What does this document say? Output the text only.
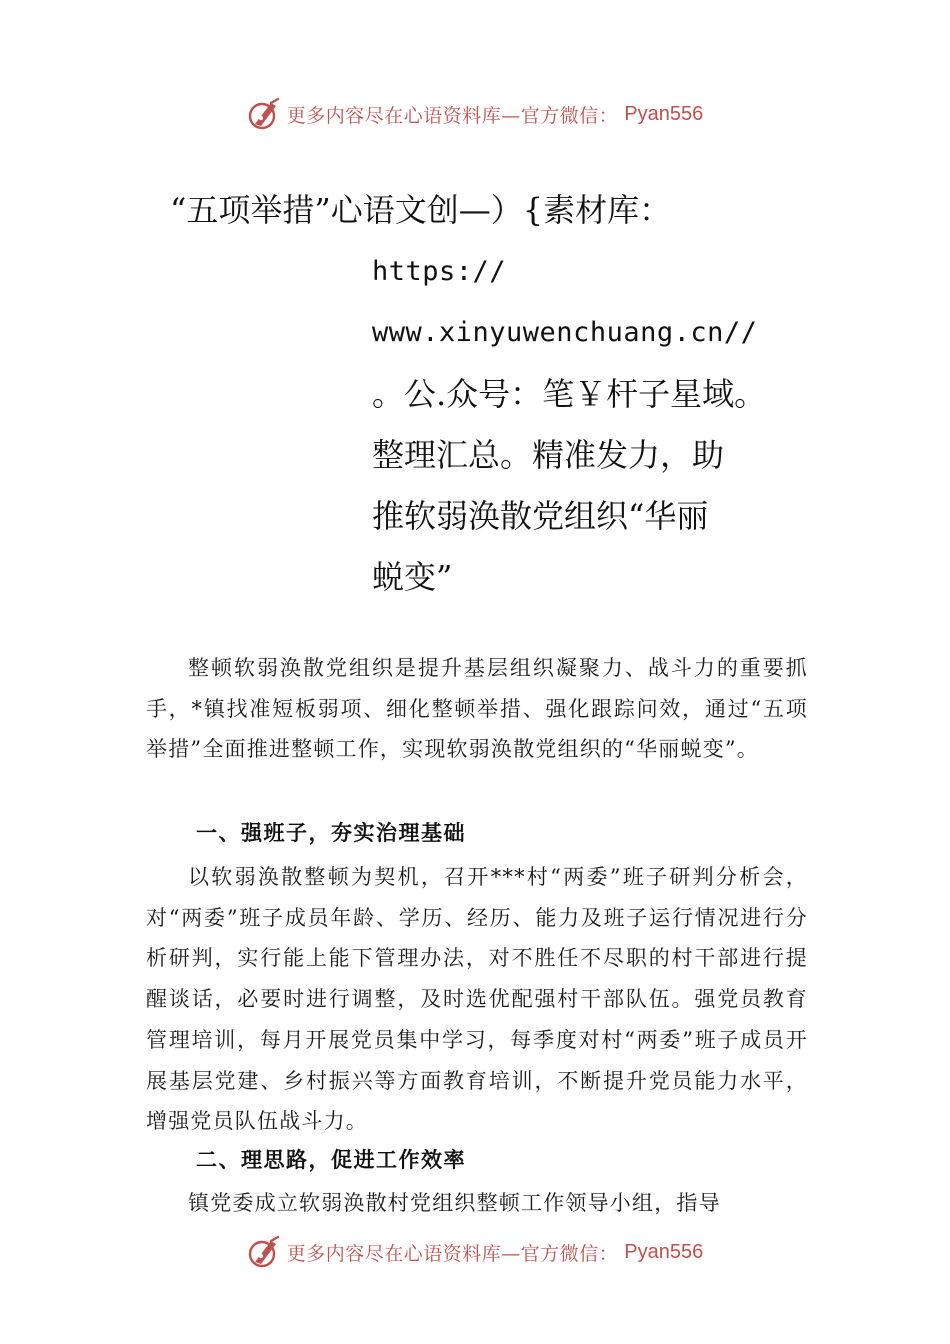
更多内容尽在心语资料库—官方微信： Pyan556
“五项举措”心语文创—）{素材库：
https://
www.xinyuwenchuang.cn//
。公.众号：笔￥杆子星域。
整理汇总。精准发力，助
推软弱涣散党组织“华丽
蜕变”

整顿软弱涣散党组织是提升基层组织凝聚力、战斗力的重要抓手，*镇找准短板弱项、细化整顿举措、强化跟踪问效，通过“五项举措”全面推进整顿工作，实现软弱涣散党组织的“华丽蜕变”。

一、强班子，夯实治理基础

以软弱涣散整顿为契机，召开***村“两委”班子研判分析会，对“两委”班子成员年龄、学历、经历、能力及班子运行情况进行分析研判，实行能上能下管理办法，对不胜任不尽职的村干部进行提醒谈话，必要时进行调整，及时选优配强村干部队伍。强党员教育管理培训，每月开展党员集中学习，每季度对村“两委”班子成员开展基层党建、乡村振兴等方面教育培训，不断提升党员能力水平，增强党员队伍战斗力。

二、理思路，促进工作效率

镇党委成立软弱涣散村党组织整顿工作领导小组，指导

更多内容尽在心语资料库—官方微信： Pyan556
